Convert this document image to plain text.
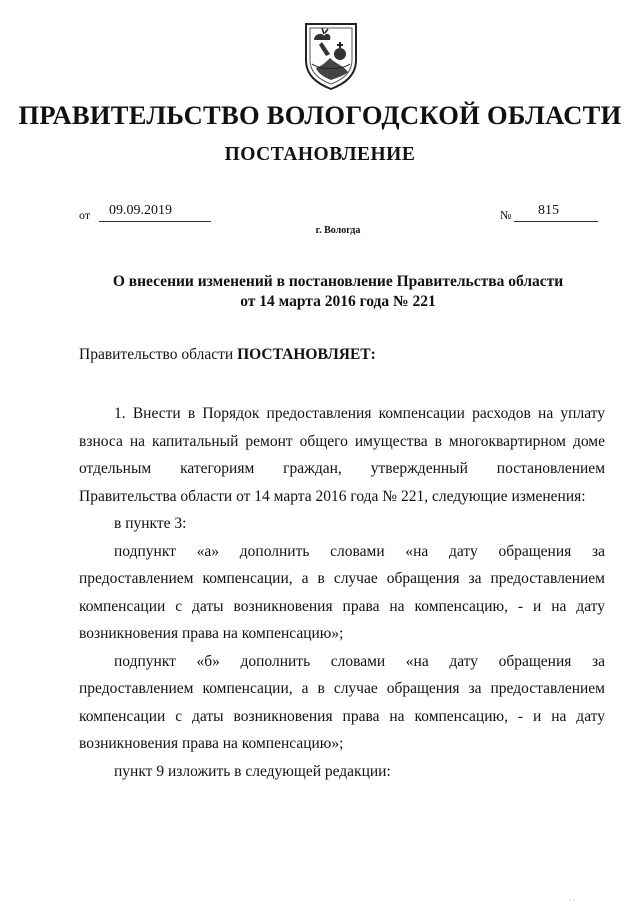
ПРАВИТЕЛЬСТВО ВОЛОГОДСКОЙ ОБЛАСТИ
ПОСТАНОВЛЕНИЕ
от	09.09.2019	№	815
г. Вологда
О внесении изменений в постановление Правительства области
от 14 марта 2016 года № 221
Правительство области ПОСТАНОВЛЯЕТ:

1. Внести в Порядок предоставления компенсации расходов на уплату взноса на капитальный ремонт общего имущества в многоквартирном доме отдельным категориям граждан, утвержденный постановлением Правительства области от 14 марта 2016 года № 221, следующие изменения:

в пункте 3:

подпункт «а» дополнить словами «на дату обращения за предоставлением компенсации, а в случае обращения за предоставлением компенсации с даты возникновения права на компенсацию, - и на дату возникновения права на компенсацию»;

подпункт «б» дополнить словами «на дату обращения за предоставлением компенсации, а в случае обращения за предоставлением компенсации с даты возникновения права на компенсацию, - и на дату возникновения права на компенсацию»;

пункт 9 изложить в следующей редакции:

· ·
